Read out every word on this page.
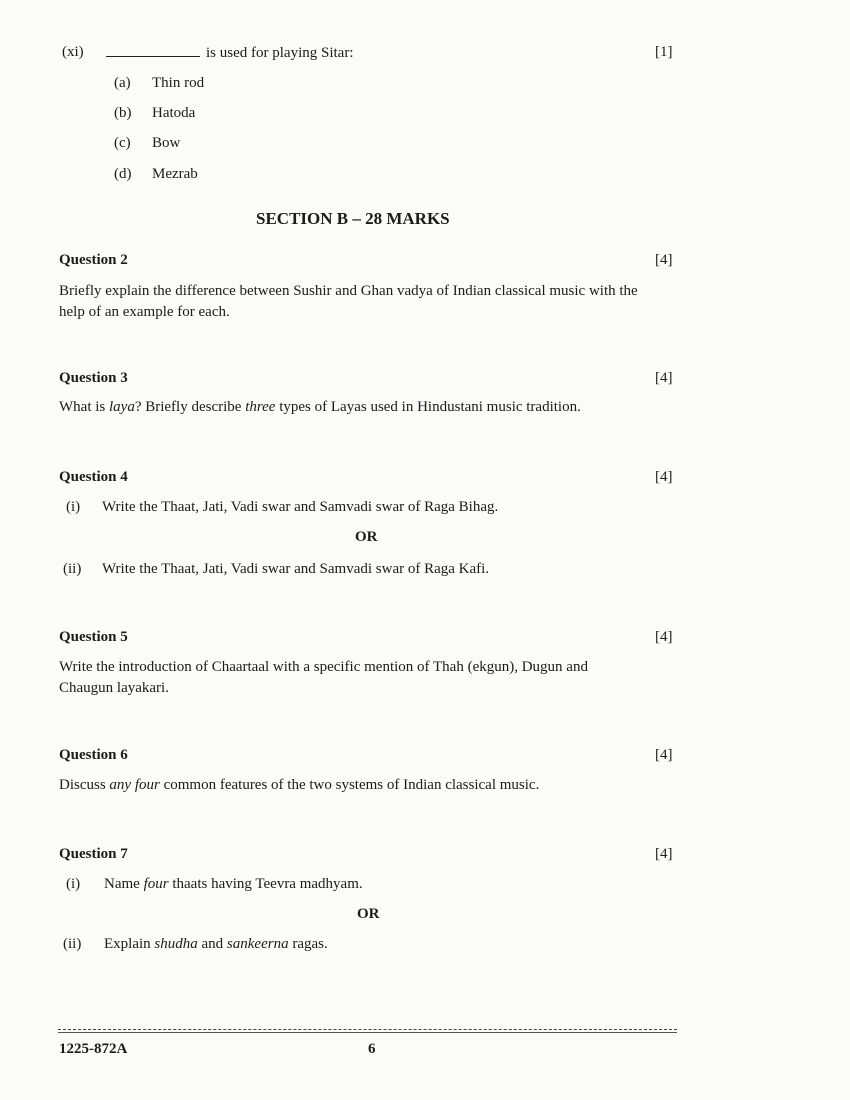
(xi)	is used for playing Sitar:	[1]
(a) Thin rod
(b) Hatoda
(c) Bow
(d) Mezrab
SECTION B – 28 MARKS
Question 2	[4]
Briefly explain the difference between Sushir and Ghan vadya of Indian classical music with the help of an example for each.
Question 3	[4]
What is laya? Briefly describe three types of Layas used in Hindustani music tradition.
Question 4	[4]
(i) Write the Thaat, Jati, Vadi swar and Samvadi swar of Raga Bihag.
OR
(ii) Write the Thaat, Jati, Vadi swar and Samvadi swar of Raga Kafi.
Question 5	[4]
Write the introduction of Chaartaal with a specific mention of Thah (ekgun), Dugun and Chaugun layakari.
Question 6	[4]
Discuss any four common features of the two systems of Indian classical music.
Question 7	[4]
(i) Name four thaats having Teevra madhyam.
OR
(ii) Explain shudha and sankeerna ragas.
1225-872A	6
